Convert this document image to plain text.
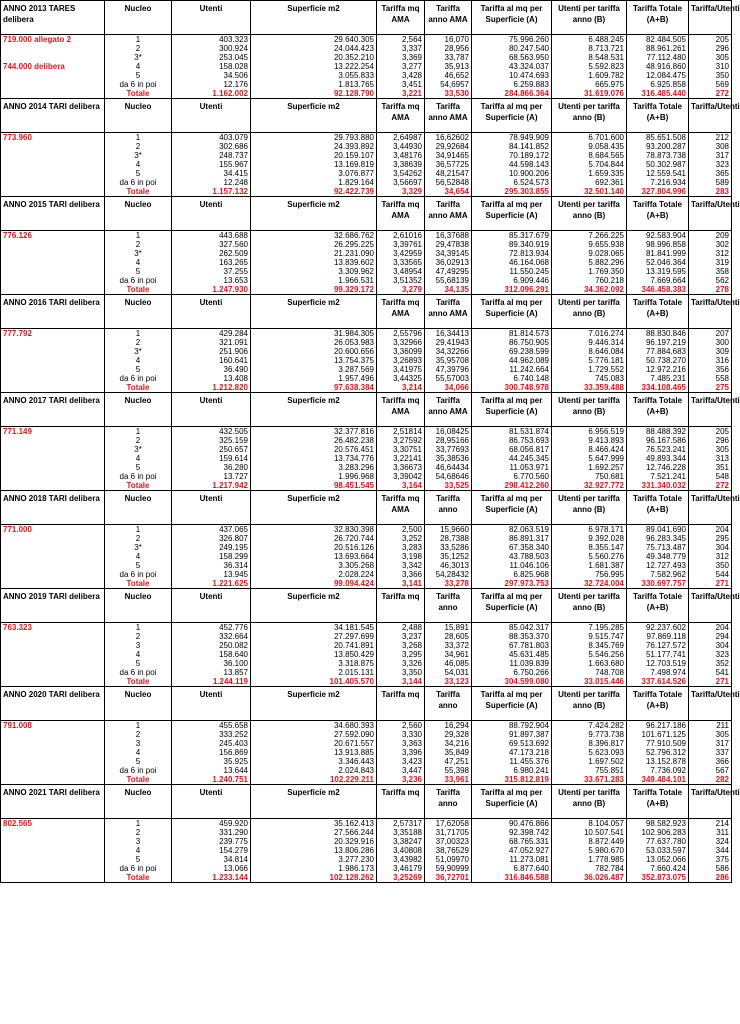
ANNO 2013 TARES delibera	Nucleo	Utenti	Superficie m2	Tariffa mq AMA	Tariffa anno AMA	Tariffa al mq per Superficie (A)	Utenti per tariffa anno (B)	Tariffa Totale (A+B)	Tariffa/Utenti
719.000 allegato 2	1	403.323	29.640.305	2,564	16,070	75.996.260	6.488.245	82.484.505	205
	2	300.924	24.044.423	3,337	28,956	80.247.540	8.713.721	88.961.261	296
	3*	253.045	20.352.210	3,369	33,787	68.563.950	8.548.531	77.112.480	305
744.000 delibera	4	158.028	13.222.254	3,277	35,913	43.324.037	5.592.823	48.916.860	310
	5	34.506	3.055.833	3,428	46,652	10.474.693	1.609.782	12.084.475	350
	da 6 in poi	12.176	1.813.765	3,451	54,6957	6.259.883	665.975	6.925.858	569
	Totale	1.162.002	92.128.790	3,221	33,530	284.866.364	31.619.076	316.485.440	272
ANNO 2014 TARI delibera	Nucleo	Utenti	Superficie m2	Tariffa mq AMA	Tariffa anno AMA	Tariffa al mq per Superficie (A)	Utenti per tariffa anno (B)	Tariffa Totale (A+B)	Tariffa/Utenti
773.960	1	403.079	29.793.880	2,64987	16,62602	78.949.909	6.701.600	85.651.508	212
	2	302.686	24.393.892	3,44930	29,92684	84.141.852	9.058.435	93.200.287	308
	3*	248.737	20.159.107	3,48176	34,91465	70.189.172	8.684.565	78.873.738	317
	4	155.967	13.169.819	3,38639	36,57725	44.598.143	5.704.844	50.302.987	323
	5	34.415	3.076.877	3,54262	48,21547	10.900.206	1.659.335	12.559.541	365
	da 6 in poi	12.248	1.829.164	3,56697	56,52848	6.524.573	692.361	7.216.934	589
	Totale	1.157.132	92.422.739	3,329	34,654	295.303.855	32.501.140	327.804.996	283
ANNO 2015 TARI delibera	Nucleo	Utenti	Superficie m2	Tariffa mq AMA	Tariffa anno AMA	Tariffa al mq per Superficie (A)	Utenti per tariffa anno (B)	Tariffa Totale (A+B)	Tariffa/Utenti
776.126	1	443.688	32.686.762	2,61016	16,37688	85.317.679	7.266.225	92.583.904	209
	2	327.560	26.295.225	3,39761	29,47838	89.340.919	9.655.938	98.996.858	302
	3*	262.509	21.231.090	3,42959	34,39145	72.813.934	9.028.065	81.841.999	312
	4	163.265	13.839.602	3,33565	36,02913	46.164.068	5.882.296	52.046.364	319
	5	37.255	3.309.962	3,48954	47,49295	11.550.245	1.769.350	13.319.595	358
	da 6 in poi	13.653	1.966.531	3,51352	55,68139	6.909.446	760.218	7.669.664	562
	Totale	1.247.930	99.329.172	3,279	34,135	312.096.291	34.362.092	346.458.383	278
ANNO 2016 TARI delibera	Nucleo	Utenti	Superficie m2	Tariffa mq AMA	Tariffa anno AMA	Tariffa al mq per Superficie (A)	Utenti per tariffa anno (B)	Tariffa Totale (A+B)	Tariffa/Utenti
777.792	1	429.284	31.984.305	2,55796	16,34413	81.814.573	7.016.274	88.830.846	207
	2	321.091	26.053.983	3,32966	29,41943	86.750.905	9.446.314	96.197.219	300
	3*	251.906	20.600.656	3,36099	34,32266	69.238.599	8.646.084	77.884.683	309
	4	160.641	13.754.375	3,26893	35,95708	44.962.089	5.776.181	50.738.270	316
	5	36.490	3.287.569	3,41975	47,39796	11.242.664	1.729.552	12.972.216	356
	da 6 in poi	13.408	1.957.496	3,44325	55,57003	6.740.148	745.083	7.485.231	558
	Totale	1.212.820	97.638.384	3,214	34,066	300.748.978	33.359.488	334.108.465	275
ANNO 2017 TARI delibera	Nucleo	Utenti	Superficie m2	Tariffa mq AMA	Tariffa anno AMA	Tariffa al mq per Superficie (A)	Utenti per tariffa anno (B)	Tariffa Totale (A+B)	Tariffa/Utenti
771.149	1	432.505	32.377.816	2,51814	16,08425	81.531.874	6.956.519	88.488.392	205
	2	325.159	26.482.238	3,27592	28,95166	86.753.693	9.413.893	96.167.586	296
	3*	250.657	20.576.451	3,30751	33,77693	68.056.817	8.466.424	76.523.241	305
	4	159.614	13.734.776	3,22141	35,38536	44.245.345	5.647.999	49.893.344	313
	5	36.280	3.283.296	3,36673	46,64434	11.053.971	1.692.257	12.746.228	351
	da 6 in poi	13.727	1.996.968	3,39042	54,68646	6.770.560	750.681	7.521.241	548
	Totale	1.217.942	98.451.545	3,164	33,525	298.412.260	32.927.772	331.340.032	272
ANNO 2018 TARI delibera	Nucleo	Utenti	Superficie m2	Tariffa mq AMA	Tariffa anno	Tariffa al mq per Superficie (A)	Utenti per tariffa anno (B)	Tariffa Totale (A+B)	Tariffa/Utenti
771.000	1	437.065	32.830.398	2,500	15,9660	82.063.519	6.978.171	89.041.690	204
	2	326.807	26.720.744	3,252	28,7388	86.891.317	9.392.028	96.283.345	295
	3*	249.195	20.516.126	3,283	33,5286	67.358.340	8.355.147	75.713.487	304
	4	158.299	13.693.664	3,198	35,1252	43.788.503	5.560.276	49.348.779	312
	5	36.314	3.305.268	3,342	46,3013	11.046.106	1.681.387	12.727.493	350
	da 6 in poi	13.945	2.028.224	3,366	54,28432	6.825.968	756.995	7.582.962	544
	Totale	1.221.625	99.094.424	3,141	33,278	297.973.753	32.724.004	330.697.757	271
ANNO 2019 TARI delibera	Nucleo	Utenti	Superficie m2	Tariffa mq	Tariffa anno	Tariffa al mq per Superficie (A)	Utenti per tariffa anno (B)	Tariffa Totale (A+B)	Tariffa/Utenti
763.323	1	452.776	34.181.545	2,488	15,891	85.042.317	7.195.285	92.237.602	204
	2	332.664	27.297.699	3,237	28,605	88.353.370	9.515.747	97.869.118	294
	3	250.082	20.741.891	3,268	33,372	67.781.803	8.345.769	76.127.572	304
	4	158.640	13.850.429	3,295	34,961	45.631.485	5.546.256	51.177.741	323
	5	36.100	3.318.875	3,326	46,085	11.039.839	1.663.680	12.703.519	352
	da 6 in poi	13.857	2.015.131	3,350	54,031	6.750.266	748.708	7.498.974	541
	Totale	1.244.119	101.405.570	3,144	33,123	304.599.080	33.015.446	337.614.526	271
ANNO 2020 TARI delibera	Nucleo	Utenti	Superficie m2	Tariffa mq	Tariffa anno	Tariffa al mq per Superficie (A)	Utenti per tariffa anno (B)	Tariffa Totale (A+B)	Tariffa/Utenti
791.008	1	455.658	34.680.393	2,560	16,294	88.792.904	7.424.282	96.217.186	211
	2	333.252	27.592.090	3,330	29,328	91.897.387	9.773.738	101.671.125	305
	3	245.403	20.671.557	3,363	34,216	69.513.692	8.396.817	77.910.509	317
	4	156.869	13.913.885	3,396	35,849	47.173.218	5.623.093	52.796.312	337
	5	35.925	3.346.443	3,423	47,251	11.455.376	1.697.502	13.152.878	366
	da 6 in poi	13.644	2.024.843	3,447	55,398	6.980.241	755.851	7.736.092	567
	Totale	1.240.751	102.229.211	3,236	33,961	315.812.819	33.671.283	349.484.101	282
ANNO 2021 TARI delibera	Nucleo	Utenti	Superficie m2	Tariffa mq	Tariffa anno	Tariffa al mq per Superficie (A)	Utenti per tariffa anno (B)	Tariffa Totale (A+B)	Tariffa/Utenti
802.565	1	459.920	35.162.413	2,57317	17,62058	90.476.866	8.104.057	98.582.923	214
	2	331.290	27.566.244	3,35188	31,71705	92.398.742	10.507.541	102.906.283	311
	3	239.775	20.329.916	3,38247	37,00323	68.765.331	8.872.449	77.637.780	324
	4	154.279	13.806.286	3,40808	38,76529	47.052.927	5.980.670	53.033.597	344
	5	34.814	3.277.230	3,43982	51,09970	11.273.081	1.778.985	13.052.066	375
	da 6 in poi	13.066	1.986.173	3,46179	59,90999	6.877.640	782.784	7.660.424	586
	Totale	1.233.144	102.128.262	3,25269	36,72701	316.846.588	36.026.487	352.873.075	286
